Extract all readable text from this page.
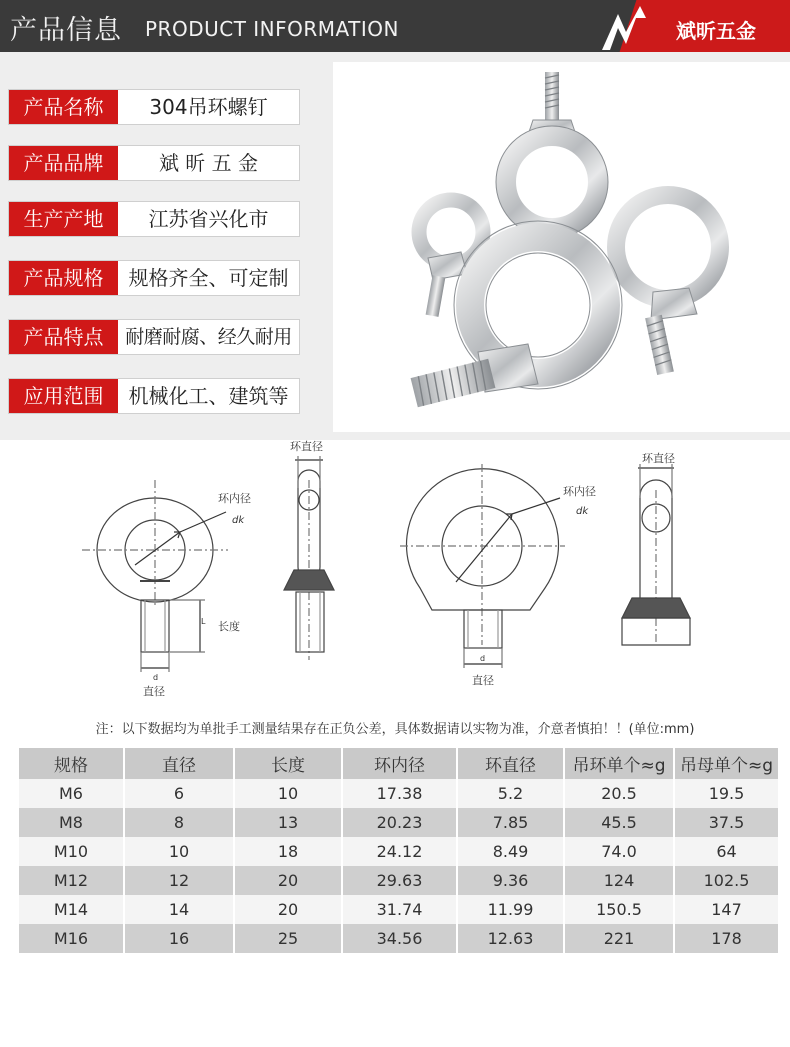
产品信息 PRODUCT INFORMATION	斌昕五金
产品名称	304吊环螺钉
产品品牌	斌 昕 五 金
生产产地	江苏省兴化市
产品规格	规格齐全、可定制
产品特点	耐磨耐腐、经久耐用
应用范围	机械化工、建筑等
环内径
dk
环直径
长度
L
d
直径
环内径
dk
环直径
d
直径
注：以下数据均为单批手工测量结果存在正负公差，具体数据请以实物为准，介意者慎拍！！(单位:mm)
规格	直径	长度	环内径	环直径	吊环单个≈g	吊母单个≈g
M6	6	10	17.38	5.2	20.5	19.5
M8	8	13	20.23	7.85	45.5	37.5
M10	10	18	24.12	8.49	74.0	64
M12	12	20	29.63	9.36	124	102.5
M14	14	20	31.74	11.99	150.5	147
M16	16	25	34.56	12.63	221	178
